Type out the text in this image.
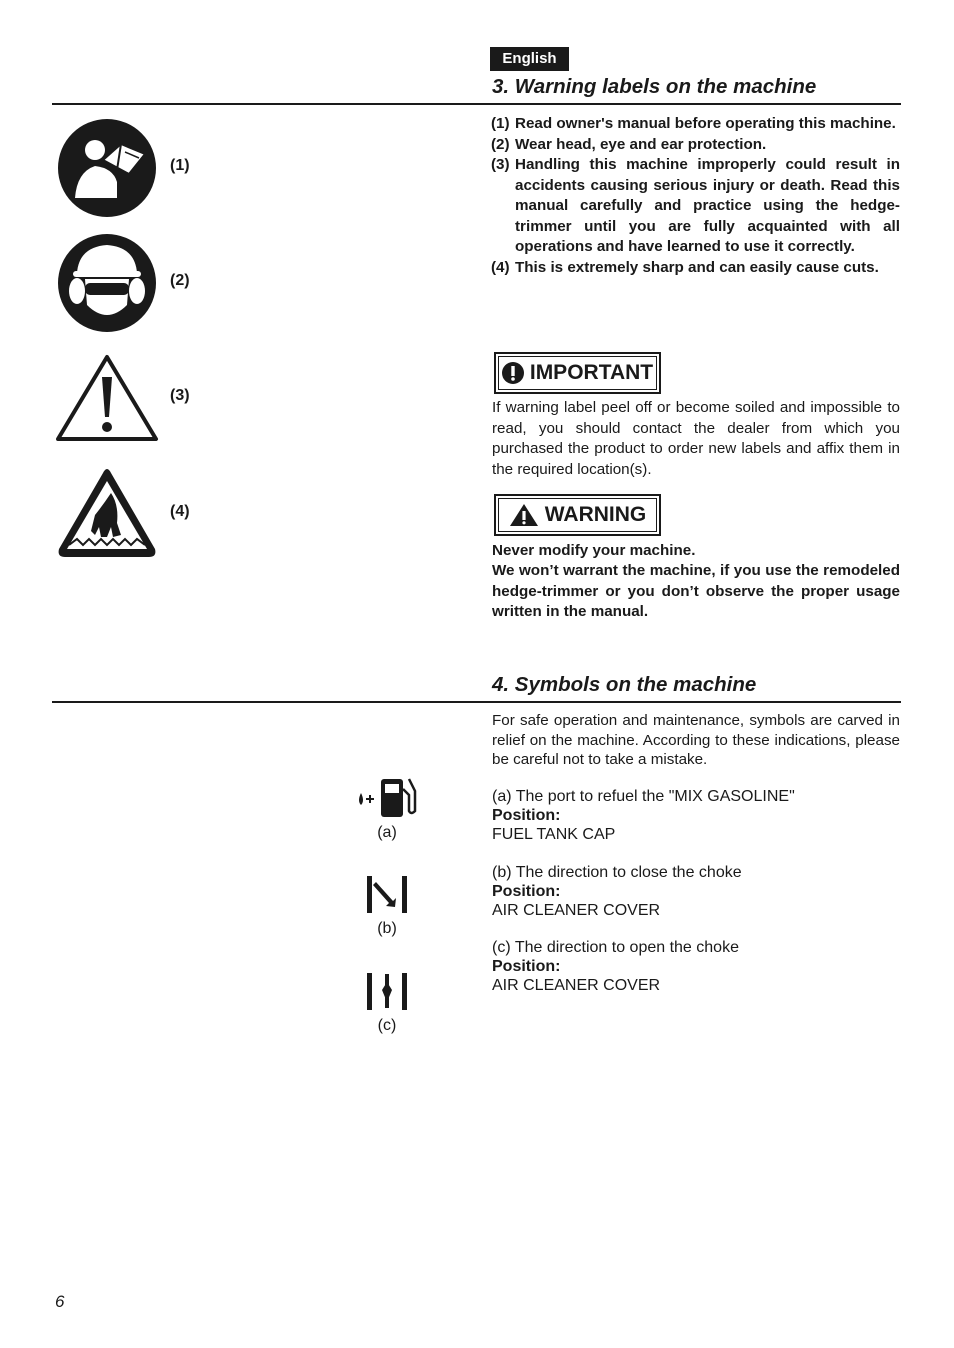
English
3. Warning labels on the machine
(1)
(2)
(3)
(4)
(1) Read owner's manual before operating this machine.
(2) Wear head, eye and ear protection.
(3) Handling this machine improperly could result in accidents causing serious injury or death. Read this manual carefully and practice using the hedge-trimmer until you are fully acquainted with all operations and have learned to use it correctly.
(4) This is extremely sharp and can easily cause cuts.
IMPORTANT
If warning label peel off or become soiled and impossible to read, you should contact the dealer from which you purchased the product to order new labels and affix them in the required location(s).
WARNING
Never modify your machine.
We won’t warrant the machine, if you use the remodeled hedge-trimmer or you don’t observe the proper usage written in the manual.
4. Symbols on the machine
For safe operation and maintenance, symbols are carved in relief on the machine. According to these indications, please be careful not to take a mistake.
(a)
(b)
(c)
(a) The port to refuel the "MIX GASOLINE"
Position:
FUEL TANK CAP
(b) The direction to close the choke
Position:
AIR CLEANER COVER
(c) The direction to open the choke
Position:
AIR CLEANER COVER
6
